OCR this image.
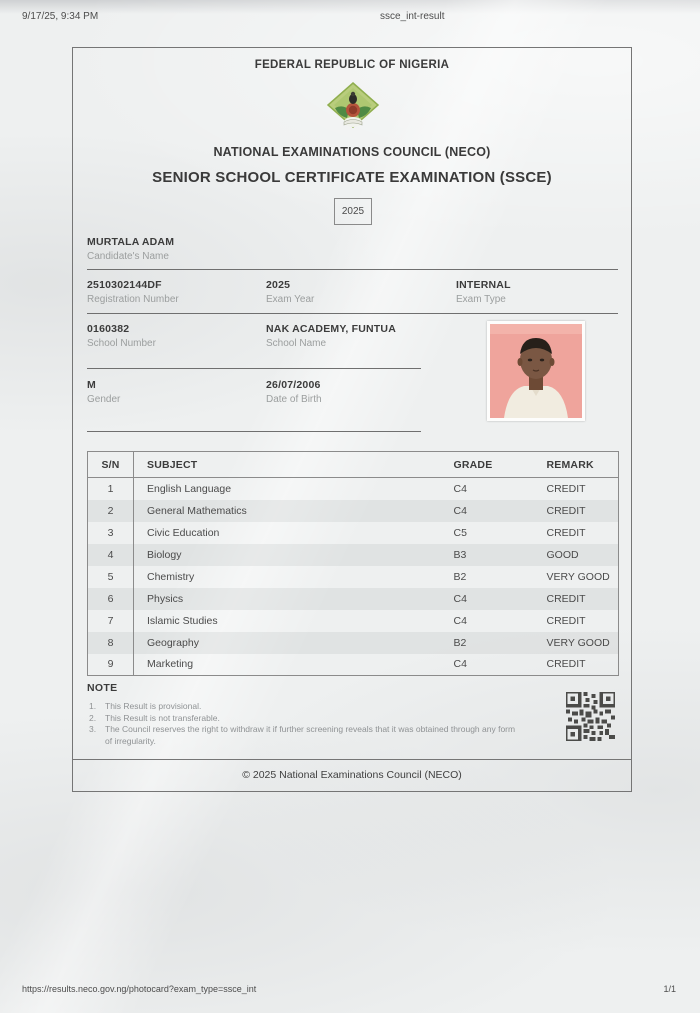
9/17/25, 9:34 PM	ssce_int-result
FEDERAL REPUBLIC OF NIGERIA
NATIONAL EXAMINATIONS COUNCIL (NECO)
SENIOR SCHOOL CERTIFICATE EXAMINATION (SSCE)
2025
MURTALA ADAM
Candidate's Name
2510302144DF
Registration Number
2025
Exam Year
INTERNAL
Exam Type
0160382
School Number
NAK ACADEMY, FUNTUA
School Name
M
Gender
26/07/2006
Date of Birth
S/N	SUBJECT	GRADE	REMARK
1	English Language	C4	CREDIT
2	General Mathematics	C4	CREDIT
3	Civic Education	C5	CREDIT
4	Biology	B3	GOOD
5	Chemistry	B2	VERY GOOD
6	Physics	C4	CREDIT
7	Islamic Studies	C4	CREDIT
8	Geography	B2	VERY GOOD
9	Marketing	C4	CREDIT
NOTE
1.	This Result is provisional.
2.	This Result is not transferable.
3.	The Council reserves the right to withdraw it if further screening reveals that it was obtained through any form of irregularity.
© 2025 National Examinations Council (NECO)
https://results.neco.gov.ng/photocard?exam_type=ssce_int	1/1
